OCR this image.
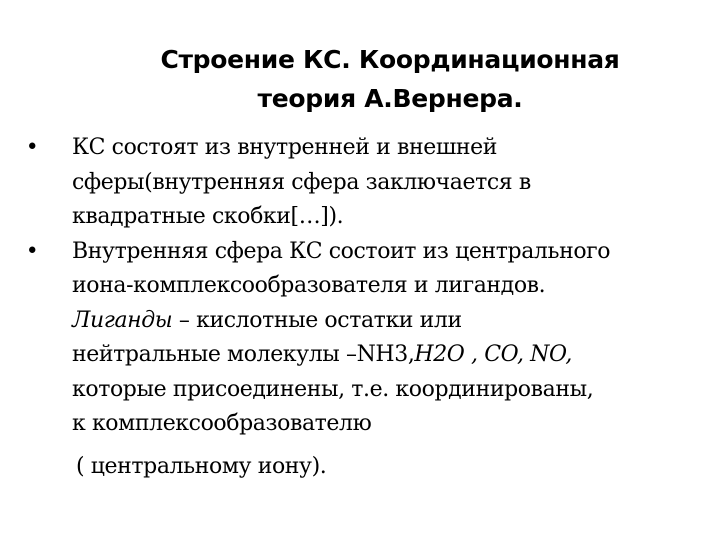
Строение КС. Координационная
теория А.Вернера.
• КС состоят из внутренней и внешней
сферы(внутренняя сфера заключается в
квадратные скобки[…]).
• Внутренняя сфера КС состоит из центрального
иона-комплексообразователя и лигандов.
Лиганды – кислотные остатки или
нейтральные молекулы –NH3,H2O , CO, NO,
которые присоединены, т.е. координированы,
к комплексообразователю
( центральному иону).
